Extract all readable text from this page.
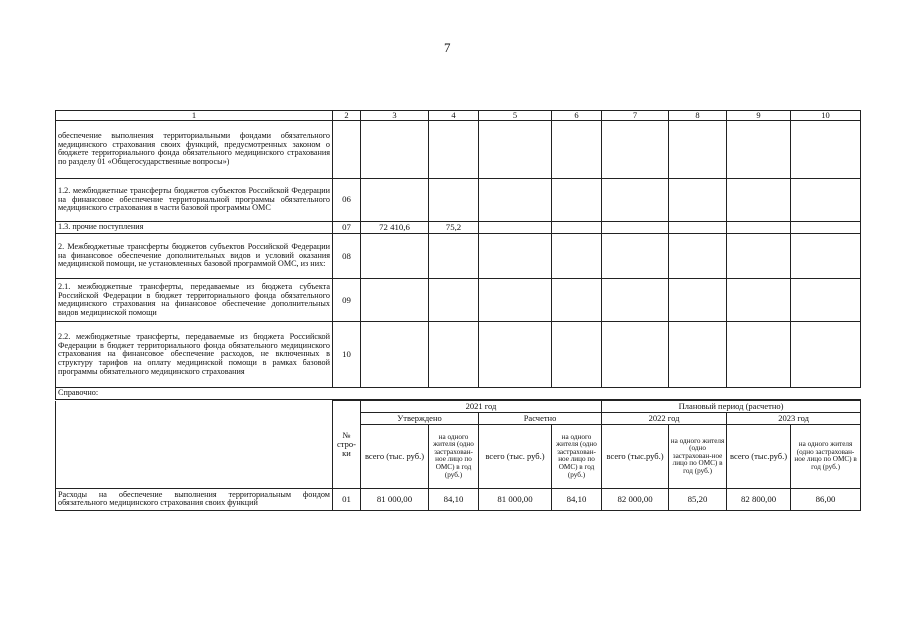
7
1	2	3	4	5	6	7	8	9	10
обеспечение выполнения территориальными фондами обязательного медицинского страхования своих функций, предусмотренных законом о бюджете территориального фонда обязательного медицинского страхования по разделу 01 «Общегосударственные вопросы»)									
1.2. межбюджетные трансферты бюджетов субъектов Российской Федерации на финансовое обеспечение территориальной программы обязательного медицинского страхования в части базовой программы ОМС	06								
1.3. прочие поступления	07	72 410,6	75,2						
2. Межбюджетные трансферты бюджетов субъектов Российской Федерации на финансовое обеспечение дополнительных видов и условий оказания медицинской помощи, не установленных базовой программой ОМС, из них:	08								
2.1. межбюджетные трансферты, передаваемые из бюджета субъекта Российской Федерации в бюджет территориального фонда обязательного медицинского страхования на финансовое обеспечение дополнительных видов медицинской помощи	09								
2.2. межбюджетные трансферты, передаваемые из бюджета Российской Федерации в бюджет территориального фонда обязательного медицинского страхования на финансовое обеспечение расходов, не включенных в структуру тарифов на оплату медицинской помощи в рамках базовой программы обязательного медицинского страхования	10								
Справочно:									
	№ стро-ки	2021 год				Плановый период (расчетно)			
		Утверждено		Расчетно		2022 год		2023 год	
		всего (тыс. руб.)	на одного жителя (одно застрахован-ное лицо по ОМС) в год (руб.)	всего (тыс. руб.)	на одного жителя (одно застрахован-ное лицо по ОМС) в год (руб.)	всего (тыс.руб.)	на одного жителя (одно застрахован-ное лицо по ОМС) в год (руб.)	всего (тыс.руб.)	на одного жителя (одно застрахован-ное лицо по ОМС) в год (руб.)
Расходы на обеспечение выполнения территориальным фондом обязательного медицинского страхования своих функций	01	81 000,00	84,10	81 000,00	84,10	82 000,00	85,20	82 800,00	86,00
